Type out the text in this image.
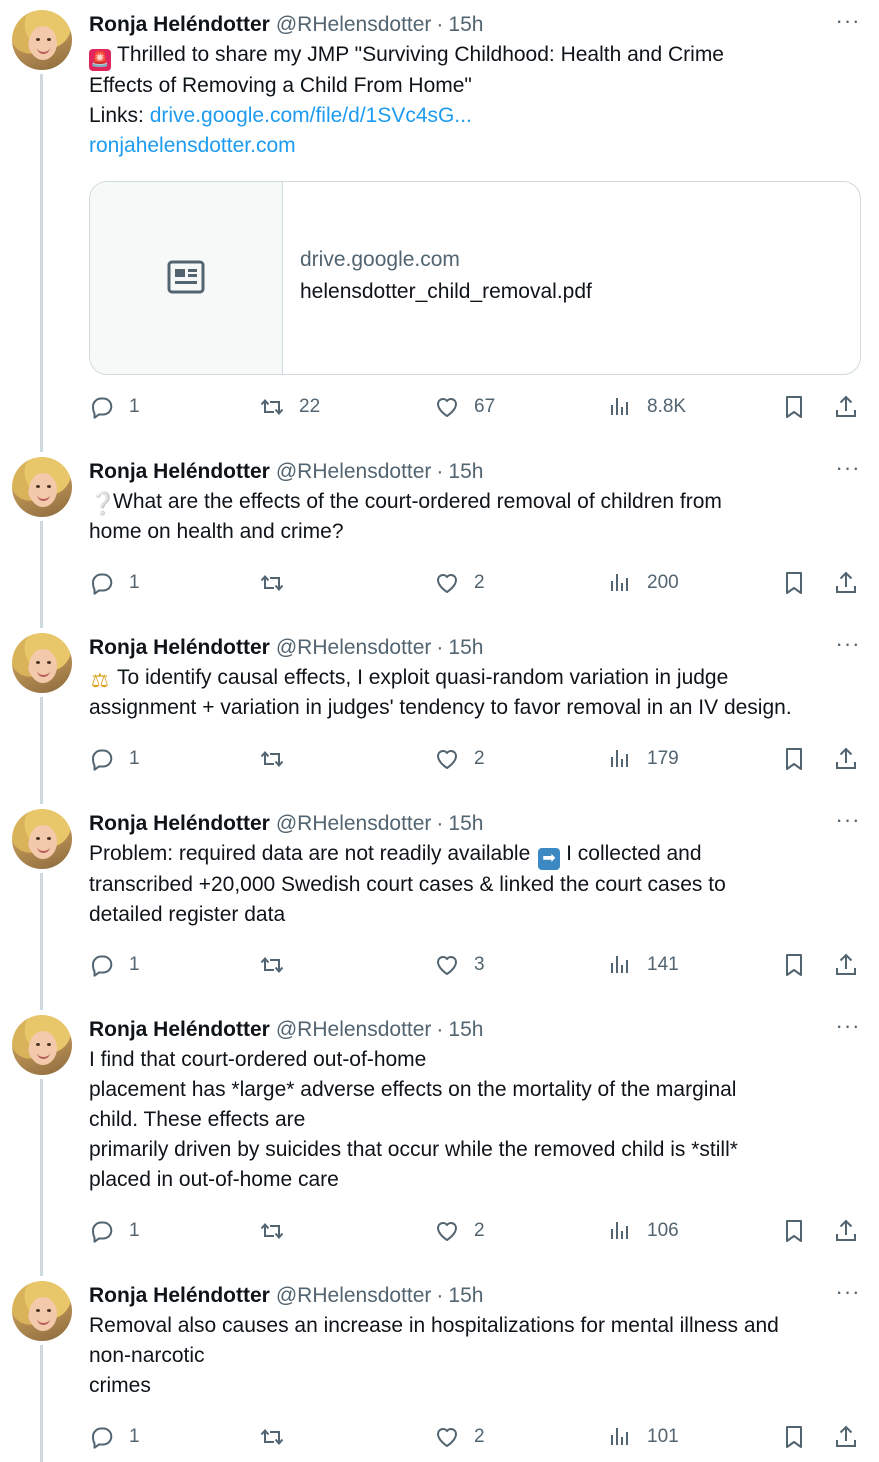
Ronja Heléndotter @RHelensdotter · 15h	···
🚨 Thrilled to share my JMP "Surviving Childhood: Health and Crime
Effects of Removing a Child From Home"
Links: drive.google.com/file/d/1SVc4sG...
ronjahelensdotter.com
drive.google.com
helensdotter_child_removal.pdf
1	22	67	8.8K
Ronja Heléndotter @RHelensdotter · 15h	···
❔What are the effects of the court-ordered removal of children from
home on health and crime?
1	2	200
Ronja Heléndotter @RHelensdotter · 15h	···
⚖ To identify causal effects, I exploit quasi-random variation in judge
assignment + variation in judges' tendency to favor removal in an IV design.
1	2	179
Ronja Heléndotter @RHelensdotter · 15h	···
Problem: required data are not readily available ➡ I collected and
transcribed +20,000 Swedish court cases & linked the court cases to
detailed register data
1	3	141
Ronja Heléndotter @RHelensdotter · 15h	···
I find that court-ordered out-of-home
placement has *large* adverse effects on the mortality of the marginal
child. These effects are
primarily driven by suicides that occur while the removed child is *still*
placed in out-of-home care
1	2	106
Ronja Heléndotter @RHelensdotter · 15h	···
Removal also causes an increase in hospitalizations for mental illness and
non-narcotic
crimes
1	2	101
